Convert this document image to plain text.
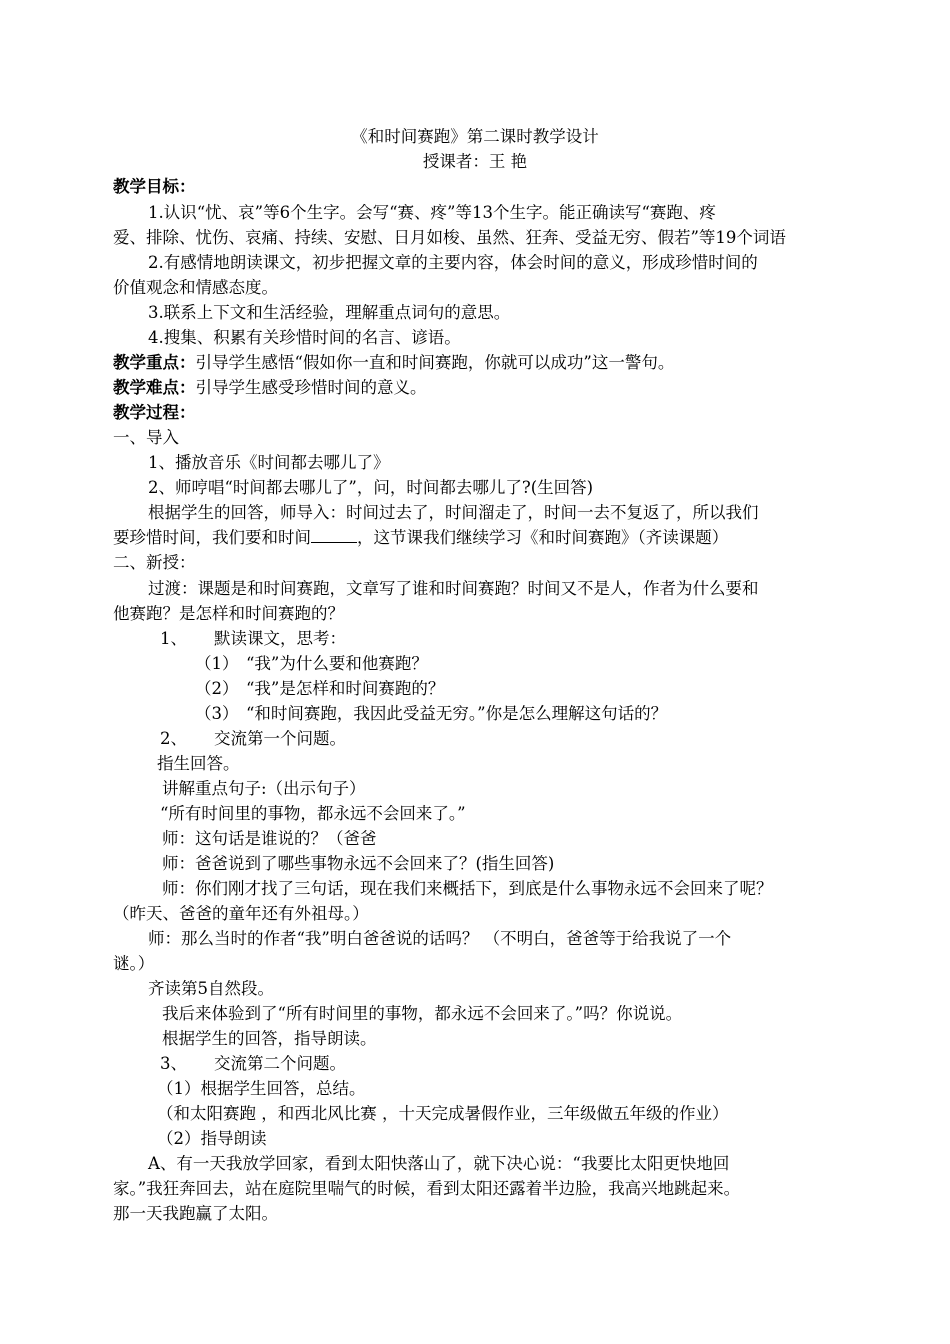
《和时间赛跑》第二课时教学设计
授课者：王 艳
教学目标：
1.认识“忧、哀”等6个生字。会写“赛、疼”等13个生字。能正确读写“赛跑、疼
爱、排除、忧伤、哀痛、持续、安慰、日月如梭、虽然、狂奔、受益无穷、假若”等19个词语
2.有感情地朗读课文，初步把握文章的主要内容，体会时间的意义，形成珍惜时间的
价值观念和情感态度。
3.联系上下文和生活经验，理解重点词句的意思。
4.搜集、积累有关珍惜时间的名言、谚语。
教学重点：引导学生感悟“假如你一直和时间赛跑，你就可以成功”这一警句。
教学难点：引导学生感受珍惜时间的意义。
教学过程：
一、导入
1、播放音乐《时间都去哪儿了》
2、师哼唱“时间都去哪儿了”，问，时间都去哪儿了?(生回答)
根据学生的回答，师导入：时间过去了，时间溜走了，时间一去不复返了，所以我们
要珍惜时间，我们要和时间	，这节课我们继续学习《和时间赛跑》（齐读课题）
二、新授：
过渡：课题是和时间赛跑，文章写了谁和时间赛跑？时间又不是人，作者为什么要和
他赛跑？是怎样和时间赛跑的？
1、 默读课文，思考：
（1） “我”为什么要和他赛跑？
（2） “我”是怎样和时间赛跑的？
（3） “和时间赛跑，我因此受益无穷。”你是怎么理解这句话的？
2、 交流第一个问题。
指生回答。
讲解重点句子:（出示句子）
“所有时间里的事物，都永远不会回来了。”
师：这句话是谁说的？（爸爸
师：爸爸说到了哪些事物永远不会回来了？(指生回答)
师：你们刚才找了三句话，现在我们来概括下，到底是什么事物永远不会回来了呢？
（昨天、爸爸的童年还有外祖母。）
师：那么当时的作者“我”明白爸爸说的话吗？ （不明白，爸爸等于给我说了一个
谜。）
齐读第5自然段。
我后来体验到了“所有时间里的事物，都永远不会回来了。”吗？你说说。
根据学生的回答，指导朗读。
3、 交流第二个问题。
（1）根据学生回答，总结。
（和太阳赛跑 ，和西北风比赛 ，十天完成暑假作业，三年级做五年级的作业）
（2）指导朗读
A、有一天我放学回家，看到太阳快落山了，就下决心说：“我要比太阳更快地回
家。”我狂奔回去，站在庭院里喘气的时候，看到太阳还露着半边脸，我高兴地跳起来。
那一天我跑赢了太阳。
